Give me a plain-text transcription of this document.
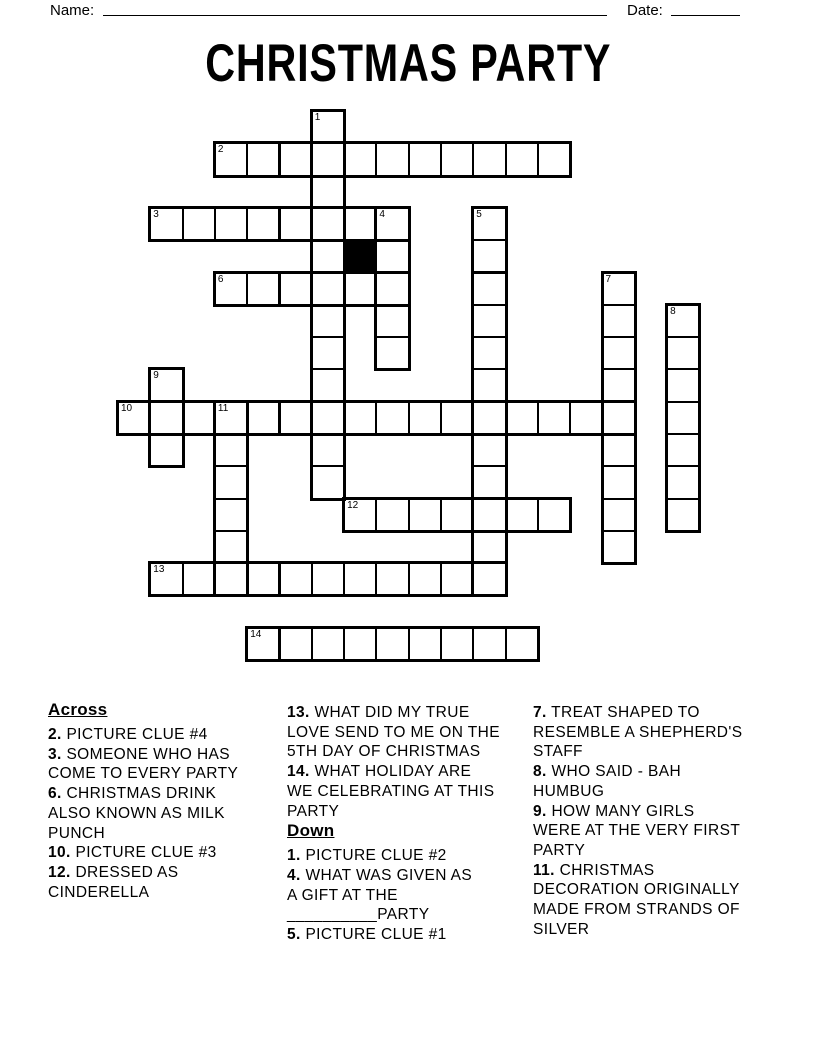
Name:	Date:
CHRISTMAS PARTY
1
2
3	4	5
6	7
8
9
10	11
12
13
14
Across
2. PICTURE CLUE #4
3. SOMEONE WHO HAS
COME TO EVERY PARTY
6. CHRISTMAS DRINK
ALSO KNOWN AS MILK
PUNCH
10. PICTURE CLUE #3
12. DRESSED AS
CINDERELLA
13. WHAT DID MY TRUE
LOVE SEND TO ME ON THE
5TH DAY OF CHRISTMAS
14. WHAT HOLIDAY ARE
WE CELEBRATING AT THIS
PARTY
Down
1. PICTURE CLUE #2
4. WHAT WAS GIVEN AS
A GIFT AT THE
__________PARTY
5. PICTURE CLUE #1
7. TREAT SHAPED TO
RESEMBLE A SHEPHERD'S
STAFF
8. WHO SAID - BAH
HUMBUG
9. HOW MANY GIRLS
WERE AT THE VERY FIRST
PARTY
11. CHRISTMAS
DECORATION ORIGINALLY
MADE FROM STRANDS OF
SILVER
